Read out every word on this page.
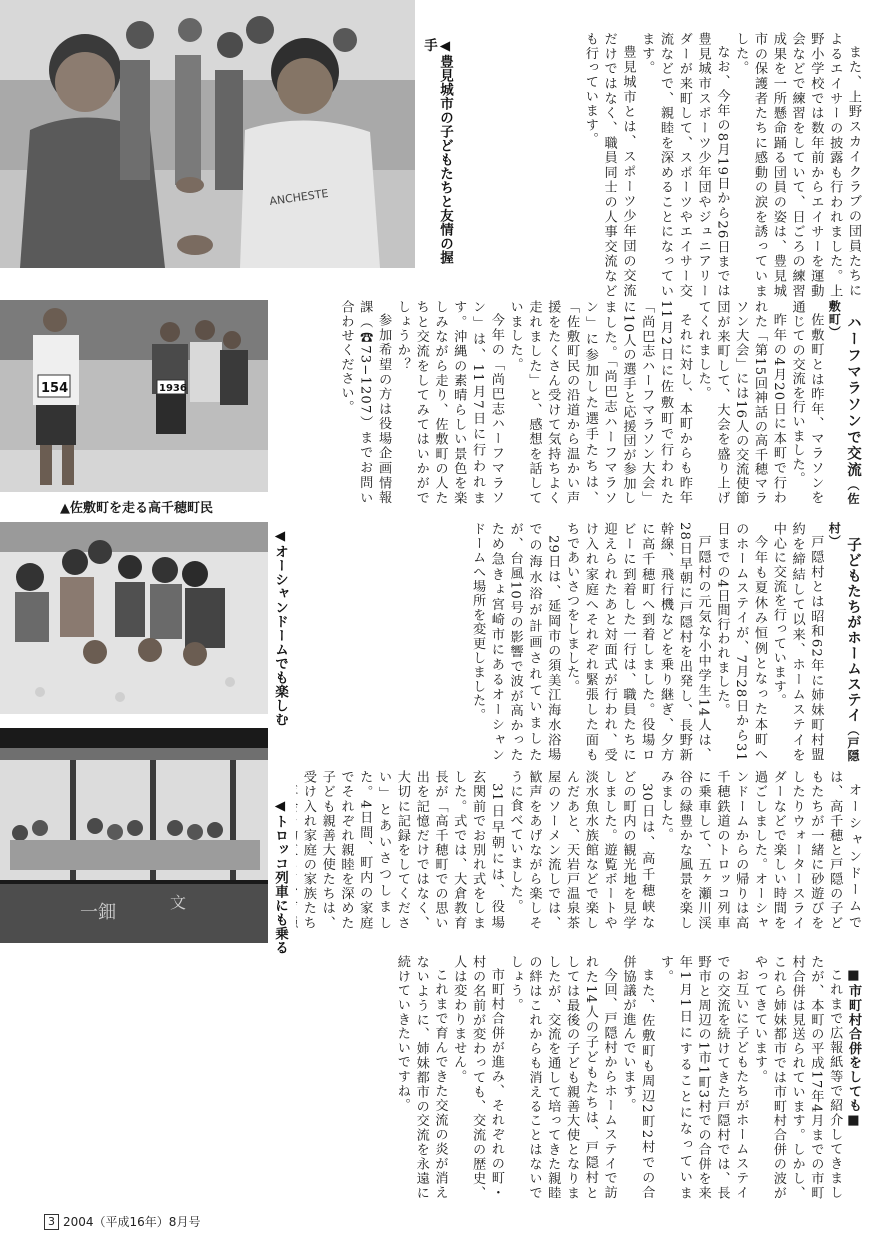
ANCHESTE	◀豊見城市の子どもたちと友情の握手
154	1936
▲佐敷町を走る高千穂町民
◀オーシャンドームでも楽しむ
一鈿	文	◀トロッコ列車にも乗る

また、上野スカイクラブの団員たちによるエイサーの披露も行われました。上野小学校では数年前からエイサーを運動会などで練習をしていて、日ごろの練習成果を一所懸命踊る団員の姿は、豊見城市の保護者たちに感動の涙を誘っていました。

なお、今年の8月19日から26日までは豊見城市スポーツ少年団やジュニアリーダーが来町して、スポーツやエイサー交流などで、親睦を深めることになっています。

豊見城市とは、スポーツ少年団の交流だけではなく、職員同士の人事交流なども行っています。

ハーフマラソンで交流（佐敷町）

佐敷町とは昨年、マラソンを通じての交流を行いました。

昨年の4月20日に本町で行われた「第15回神話の高千穂マラソン大会」には16人の交流使節団が来町して、大会を盛り上げてくれました。

それに対し、本町からも昨年11月2日に佐敷町で行われた「尚巴志ハーフマラソン大会」に10人の選手と応援団が参加しました。「尚巴志ハーフマラソン」に参加した選手たちは、「佐敷町民の沿道から温かい声援をたくさん受けて気持ちよく走れました」と、感想を話していました。

今年の「尚巴志ハーフマラソン」は、11月7日に行われます。沖縄の素晴らしい景色を楽しみながら走り、佐敷町の人たちと交流をしてみてはいかがでしょうか？

参加希望の方は役場企画情報課（☎73−1207）までお問い合わせください。

子どもたちがホームステイ（戸隠村）

戸隠村とは昭和62年に姉妹町村盟約を締結して以来、ホームステイを中心に交流を行っています。

今年も夏休み恒例となった本町へのホームステイが、7月28日から31日までの4日間行われました。

戸隠村の元気な小中学生14人は、28日早朝に戸隠村を出発し、長野新幹線、飛行機などを乗り継ぎ、夕方に高千穂町へ到着しました。役場ロビーに到着した一行は、職員たちに迎えられたあと対面式が行われ、受け入れ家庭へそれぞれ緊張した面もちであいさつをしました。

29日は、延岡市の須美江海水浴場での海水浴が計画されていましたが、台風10号の影響で波が高かったため急きょ宮崎市にあるオーシャンドームへ場所を変更しました。

オーシャンドームでは、高千穂と戸隠の子どもたちが一緒に砂遊びをしたりウォータースライダーなどで楽しい時間を過ごしました。オーシャンドームからの帰りは高千穂鉄道のトロッコ列車に乗車して、五ヶ瀬川渓谷の緑豊かな風景を楽しみました。

30日は、高千穂峡などの町内の観光地を見学しました。遊覧ボートや淡水魚水族館などで楽しんだあと、天岩戸温泉茶屋のソーメン流しでは、歓声をあげながら楽しそうに食べていました。

31日早朝には、役場玄関前でお別れ式をしました。式では、大倉教育長が「高千穂町での思い出を記憶だけではなく、大切に記録をしてください」とあいさつしました。4日間、町内の家庭でそれぞれ親睦を深めた子ども親善大使たちは、受け入れ家庭の家族たち

■市町村合併をしても■

これまで広報紙等で紹介してきましたが、本町の平成17年4月までの市町村合併は見送られています。しかし、これら姉妹都市では市町村合併の波がやってきています。

お互いに子どもたちがホームステイでの交流を続けてきた戸隠村では、長野市と周辺の1市1町3村での合併を来年1月1日にすることになっています。

また、佐敷町も周辺2町2村での合併協議が進んでいます。

今回、戸隠村からホームステイで訪れた14人の子どもたちは、戸隠村としては最後の子ども親善大使となりましたが、交流を通して培ってきた親睦の絆はこれからも消えることはないでしょう。

市町村合併が進み、それぞれの町・村の名前が変わっても、交流の歴史、人は変わりません。

これまで育んできた交流の炎が消えないように、姉妹都市の交流を永遠に続けていきたいですね。

3 2004（平成16年）8月号
